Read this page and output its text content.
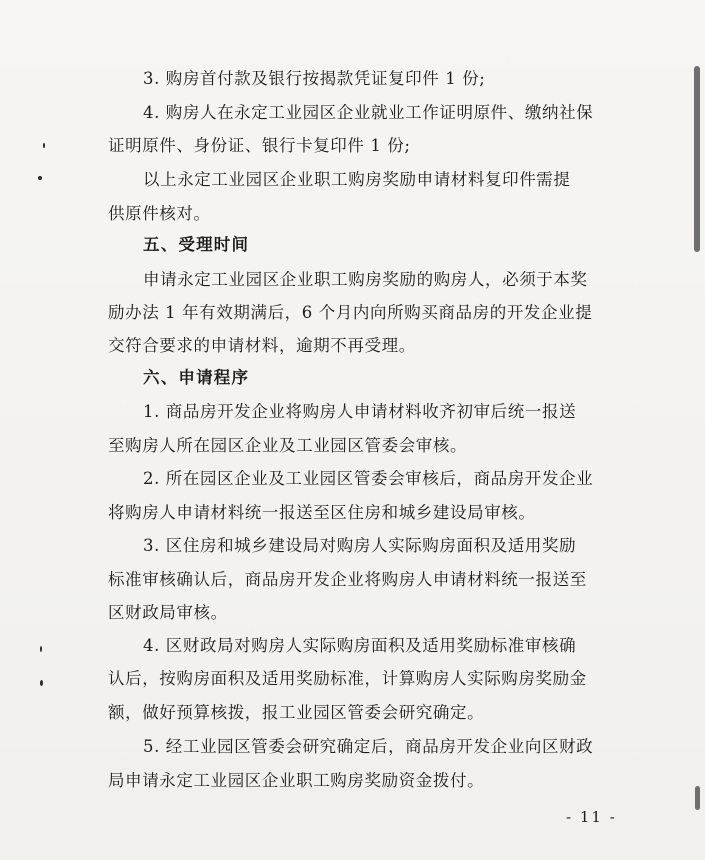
3. 购房首付款及银行按揭款凭证复印件 1 份;
4. 购房人在永定工业园区企业就业工作证明原件、缴纳社保
证明原件、身份证、银行卡复印件 1 份;
以上永定工业园区企业职工购房奖励申请材料复印件需提
供原件核对。
五、受理时间
申请永定工业园区企业职工购房奖励的购房人，必须于本奖
励办法 1 年有效期满后，6 个月内向所购买商品房的开发企业提
交符合要求的申请材料，逾期不再受理。
六、申请程序
1. 商品房开发企业将购房人申请材料收齐初审后统一报送
至购房人所在园区企业及工业园区管委会审核。
2. 所在园区企业及工业园区管委会审核后，商品房开发企业
将购房人申请材料统一报送至区住房和城乡建设局审核。
3. 区住房和城乡建设局对购房人实际购房面积及适用奖励
标准审核确认后，商品房开发企业将购房人申请材料统一报送至
区财政局审核。
4. 区财政局对购房人实际购房面积及适用奖励标准审核确
认后，按购房面积及适用奖励标准，计算购房人实际购房奖励金
额，做好预算核拨，报工业园区管委会研究确定。
5. 经工业园区管委会研究确定后，商品房开发企业向区财政
局申请永定工业园区企业职工购房奖励资金拨付。
- 11 -
